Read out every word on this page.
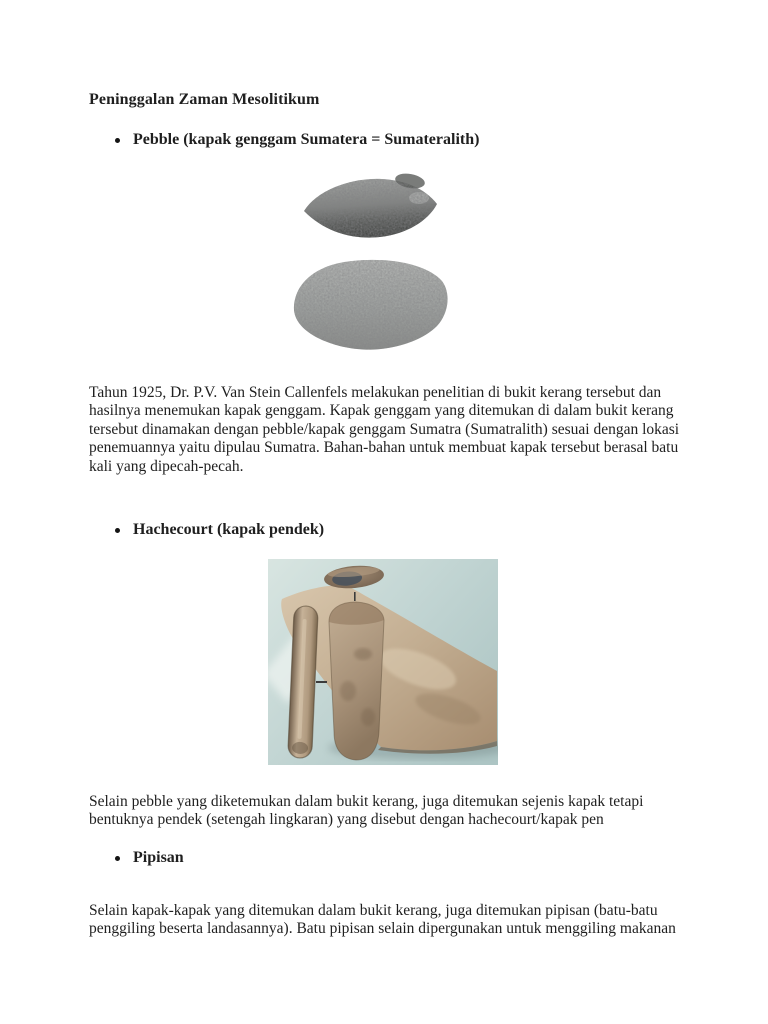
Peninggalan Zaman Mesolitikum
Pebble (kapak genggam Sumatera = Sumateralith)

Tahun 1925, Dr. P.V. Van Stein Callenfels melakukan penelitian di bukit kerang tersebut dan hasilnya menemukan kapak genggam. Kapak genggam yang ditemukan di dalam bukit kerang tersebut dinamakan dengan pebble/kapak genggam Sumatra (Sumatralith) sesuai dengan lokasi penemuannya yaitu dipulau Sumatra. Bahan-bahan untuk membuat kapak tersebut berasal batu kali yang dipecah-pecah.

Hachecourt (kapak pendek)

Selain pebble yang diketemukan dalam bukit kerang, juga ditemukan sejenis kapak tetapi bentuknya pendek (setengah lingkaran) yang disebut dengan hachecourt/kapak pen

Pipisan

Selain kapak-kapak yang ditemukan dalam bukit kerang, juga ditemukan pipisan (batu-batu penggiling beserta landasannya). Batu pipisan selain dipergunakan untuk menggiling makanan
